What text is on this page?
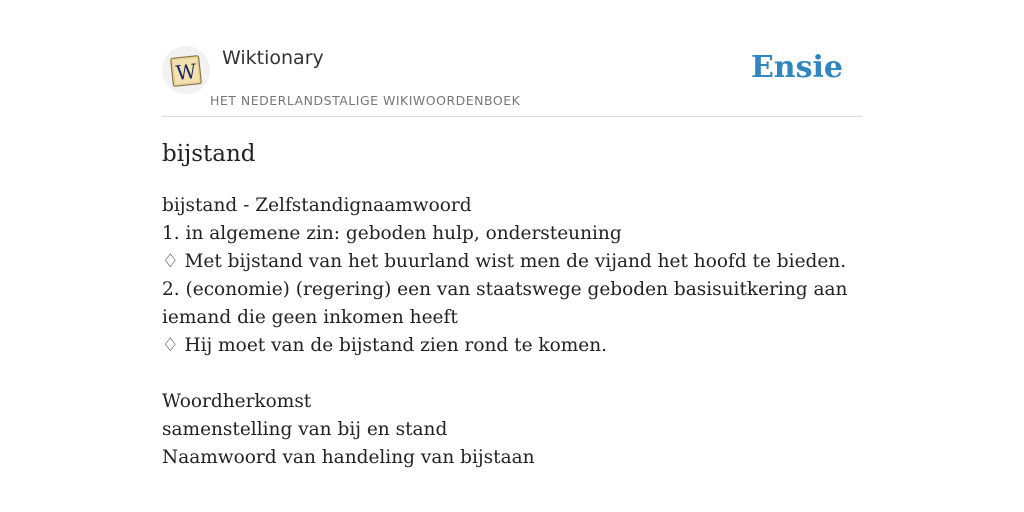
W
Wiktionary
HET NEDERLANDSTALIGE WIKIWOORDENBOEK
Ensie
bijstand
bijstand - Zelfstandignaamwoord
1. in algemene zin: geboden hulp, ondersteuning
♢ Met bijstand van het buurland wist men de vijand het hoofd te bieden.
2. (economie) (regering) een van staatswege geboden basisuitkering aan iemand die geen inkomen heeft
♢ Hij moet van de bijstand zien rond te komen.
Woordherkomst
samenstelling van bij en stand
Naamwoord van handeling van bijstaan
